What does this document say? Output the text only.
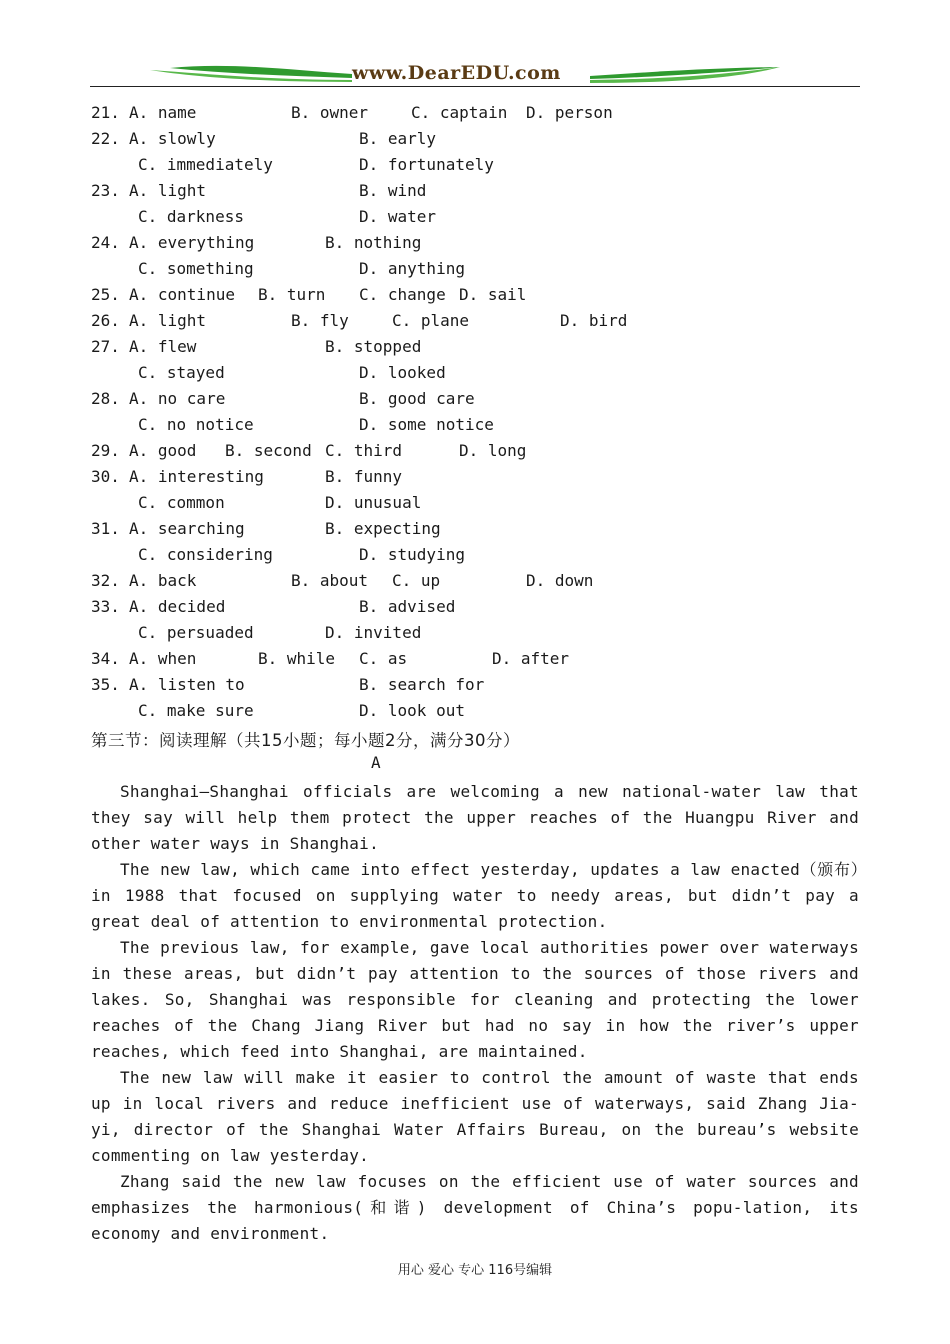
www.DearEDU.com
21. A. name	B. owner	C. captain D. person
22. A. slowly	B. early
C. immediately	D. fortunately
23. A. light	B. wind
C. darkness	D. water
24. A. everything	B. nothing
C. something	D. anything
25. A. continue B. turn C. change D. sail
26. A. light	B. fly	C. plane	D. bird
27. A. flew	B. stopped
C. stayed	D. looked
28. A. no care	B. good care
C. no notice	D. some notice
29. A. good B. second C. third	D. long
30. A. interesting	B. funny
C. common	D. unusual
31. A. searching	B. expecting
C. considering	D. studying
32. A. back	B. about C. up	D. down
33. A. decided	B. advised
C. persuaded	D. invited
34. A. when	B. while C. as	D. after
35. A. listen to	B. search for
C. make sure	D. look out
第三节：阅读理解（共15小题；每小题2分，满分30分）
A

Shanghai—Shanghai officials are welcoming a new national-water law that they say will help them protect the upper reaches of the Huangpu River and other water ways in Shanghai.

The new law, which came into effect yesterday, updates a law enacted（颁布）in 1988 that focused on supplying water to needy areas, but didn’t pay a great deal of attention to environmental protection.

The previous law, for example, gave local authorities power over waterways in these areas, but didn’t pay attention to the sources of those rivers and lakes. So, Shanghai was responsible for cleaning and protecting the lower reaches of the Chang Jiang River but had no say in how the river’s upper reaches, which feed into Shanghai, are maintained.

The new law will make it easier to control the amount of waste that ends up in local rivers and reduce inefficient use of waterways, said Zhang Jia-yi, director of the Shanghai Water Affairs Bureau, on the bureau’s website commenting on law yesterday.

Zhang said the new law focuses on the efficient use of water sources and emphasizes the harmonious(和谐) development of China’s popu-lation, its economy and environment.

用心 爱心 专心 116号编辑
